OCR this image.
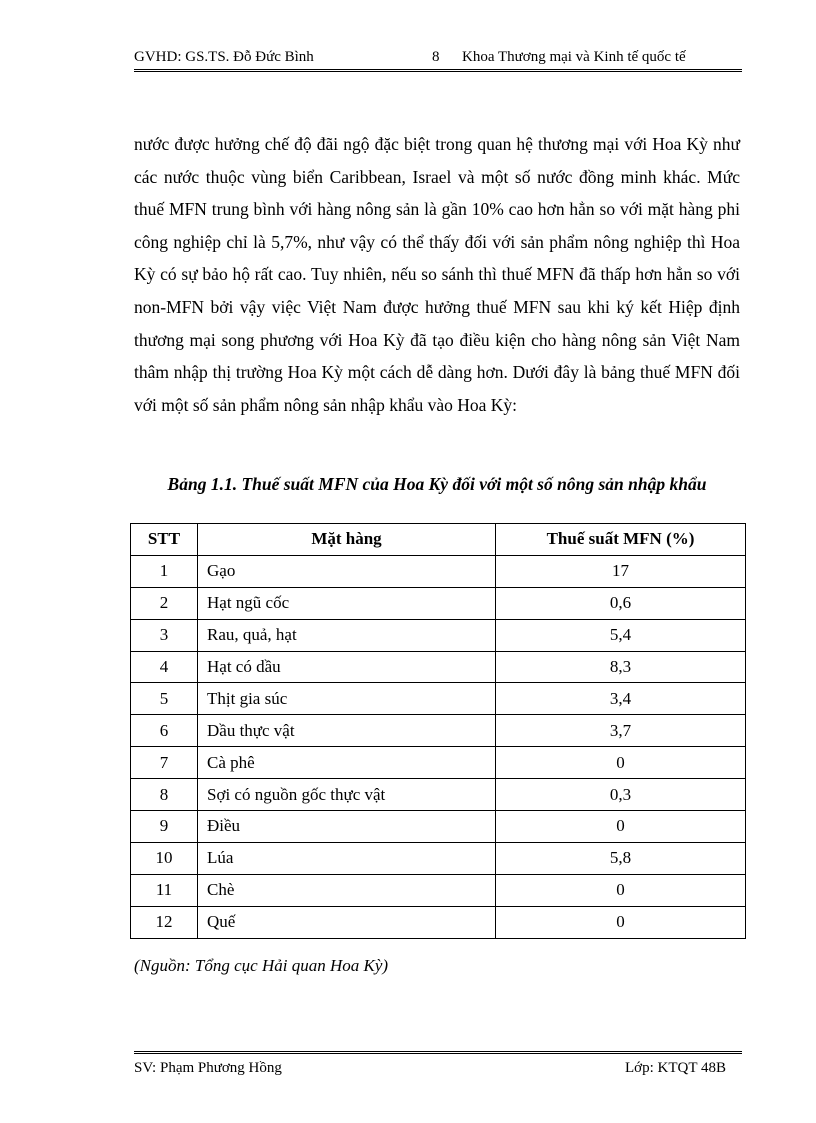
GVHD: GS.TS. Đỗ Đức Bình	8 Khoa Thương mại và Kinh tế quốc tế

nước được hưởng chế độ đãi ngộ đặc biệt trong quan hệ thương mại với Hoa Kỳ như các nước thuộc vùng biển Caribbean, Israel và một số nước đồng minh khác. Mức thuế MFN trung bình với hàng nông sản là gần 10% cao hơn hẳn so với mặt hàng phi công nghiệp chỉ là 5,7%, như vậy có thể thấy đối với sản phẩm nông nghiệp thì Hoa Kỳ có sự bảo hộ rất cao. Tuy nhiên, nếu so sánh thì thuế MFN đã thấp hơn hẳn so với non-MFN bởi vậy việc Việt Nam được hưởng thuế MFN sau khi ký kết Hiệp định thương mại song phương với Hoa Kỳ đã tạo điều kiện cho hàng nông sản Việt Nam thâm nhập thị trường Hoa Kỳ một cách dễ dàng hơn. Dưới đây là bảng thuế MFN đối với một số sản phẩm nông sản nhập khẩu vào Hoa Kỳ:

Bảng 1.1. Thuế suất MFN của Hoa Kỳ đối với một số nông sản nhập khẩu
STT	Mặt hàng	Thuế suất MFN (%)
1	Gạo	17
2	Hạt ngũ cốc	0,6
3	Rau, quả, hạt	5,4
4	Hạt có dầu	8,3
5	Thịt gia súc	3,4
6	Dầu thực vật	3,7
7	Cà phê	0
8	Sợi có nguồn gốc thực vật	0,3
9	Điều	0
10	Lúa	5,8
11	Chè	0
12	Quế	0
(Nguồn: Tổng cục Hải quan Hoa Kỳ)
SV: Phạm Phương Hồng	Lớp: KTQT 48B
